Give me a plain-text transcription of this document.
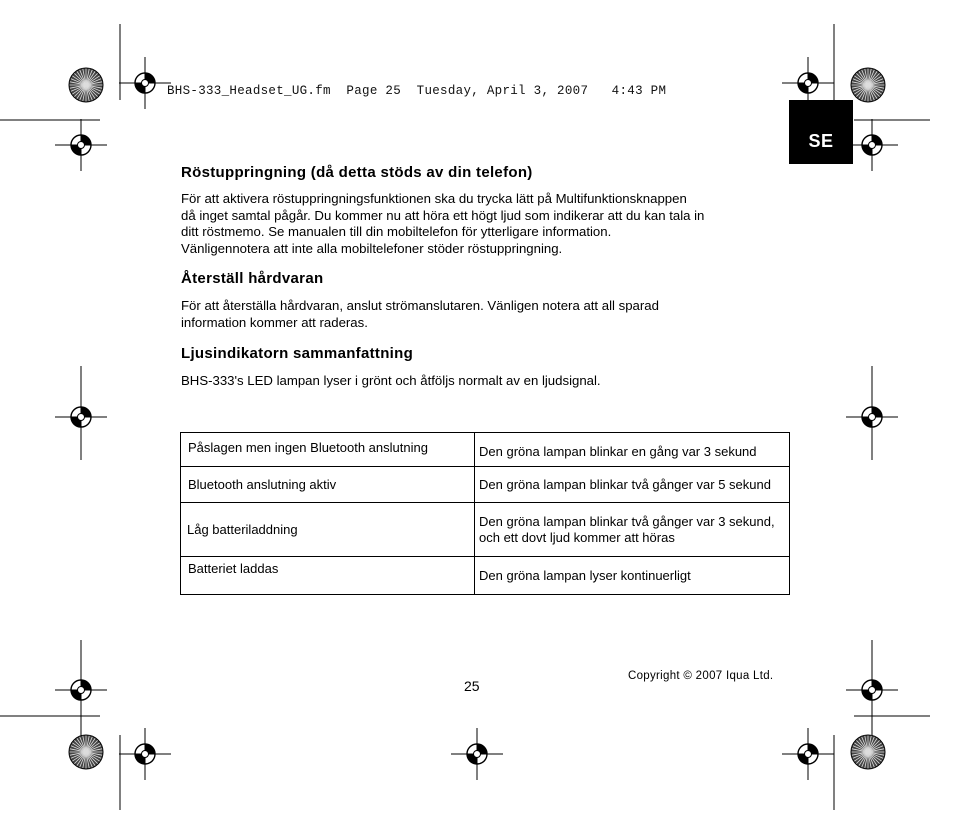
BHS-333_Headset_UG.fm  Page 25  Tuesday, April 3, 2007   4:43 PM
SE
Röstuppringning (då detta stöds av din telefon)

För att aktivera röstuppringningsfunktionen ska du trycka lätt på Multifunktionsknappen
då inget samtal pågår. Du kommer nu att höra ett högt ljud som indikerar att du kan tala in
ditt röstmemo. Se manualen till din mobiltelefon för ytterligare information.
Vänligennotera att inte alla mobiltelefoner stöder röstuppringning.

Återställ hårdvaran

För att återställa hårdvaran, anslut strömanslutaren. Vänligen notera att all sparad
information kommer att raderas.

Ljusindikatorn sammanfattning

BHS-333's LED lampan lyser i grönt och åtföljs normalt av en ljudsignal.

Påslagen men ingen Bluetooth anslutning	Den gröna lampan blinkar en gång var 3 sekund
Bluetooth anslutning aktiv	Den gröna lampan blinkar två gånger var 5 sekund
Låg batteriladdning	Den gröna lampan blinkar två gånger var 3 sekund, och ett dovt ljud kommer att höras
Batteriet laddas	Den gröna lampan lyser kontinuerligt
25
Copyright © 2007 Iqua Ltd.
